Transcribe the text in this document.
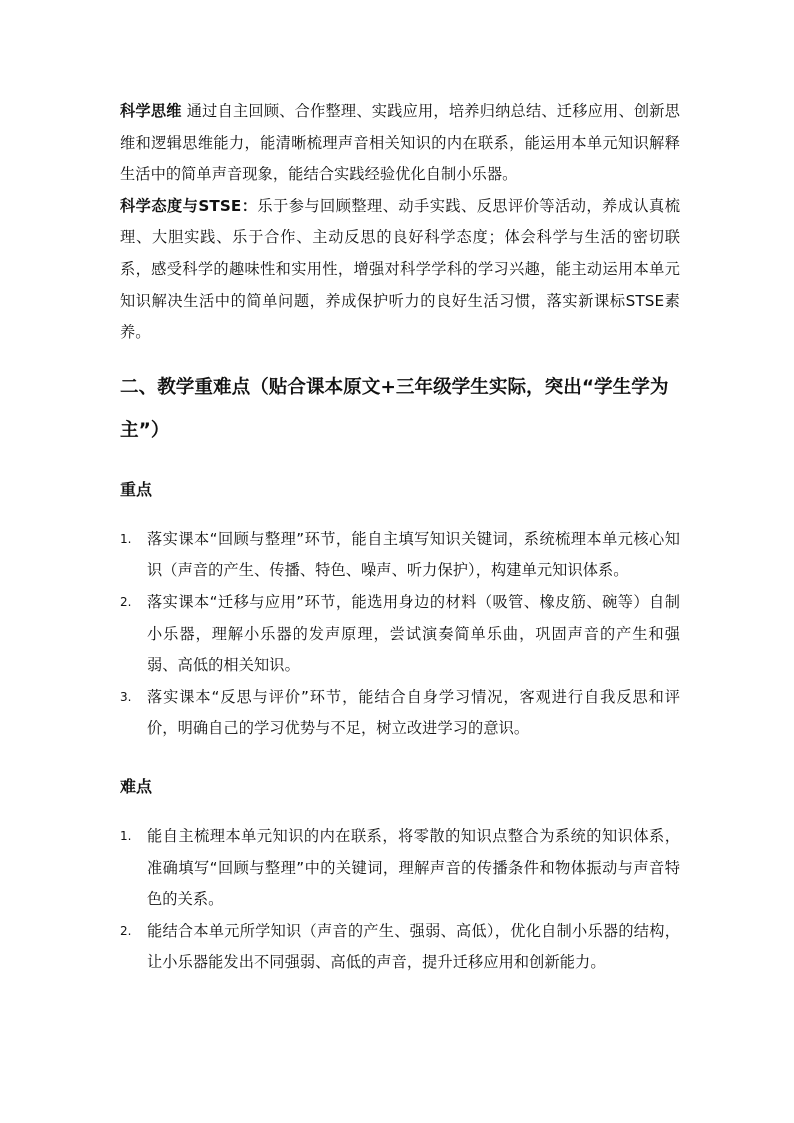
科学思维 通过自主回顾、合作整理、实践应用，培养归纳总结、迁移应用、创新思维和逻辑思维能力，能清晰梳理声音相关知识的内在联系，能运用本单元知识解释生活中的简单声音现象，能结合实践经验优化自制小乐器。

科学态度与STSE：乐于参与回顾整理、动手实践、反思评价等活动，养成认真梳理、大胆实践、乐于合作、主动反思的良好科学态度；体会科学与生活的密切联系，感受科学的趣味性和实用性，增强对科学学科的学习兴趣，能主动运用本单元知识解决生活中的简单问题，养成保护听力的良好生活习惯，落实新课标STSE素养。

二、教学重难点（贴合课本原文+三年级学生实际，突出“学生学为主”）
重点
1. 落实课本“回顾与整理”环节，能自主填写知识关键词，系统梳理本单元核心知识（声音的产生、传播、特色、噪声、听力保护），构建单元知识体系。

2. 落实课本“迁移与应用”环节，能选用身边的材料（吸管、橡皮筋、碗等）自制小乐器，理解小乐器的发声原理，尝试演奏简单乐曲，巩固声音的产生和强弱、高低的相关知识。

3. 落实课本“反思与评价”环节，能结合自身学习情况，客观进行自我反思和评价，明确自己的学习优势与不足，树立改进学习的意识。

难点
1. 能自主梳理本单元知识的内在联系，将零散的知识点整合为系统的知识体系，准确填写“回顾与整理”中的关键词，理解声音的传播条件和物体振动与声音特色的关系。

2. 能结合本单元所学知识（声音的产生、强弱、高低），优化自制小乐器的结构，让小乐器能发出不同强弱、高低的声音，提升迁移应用和创新能力。
